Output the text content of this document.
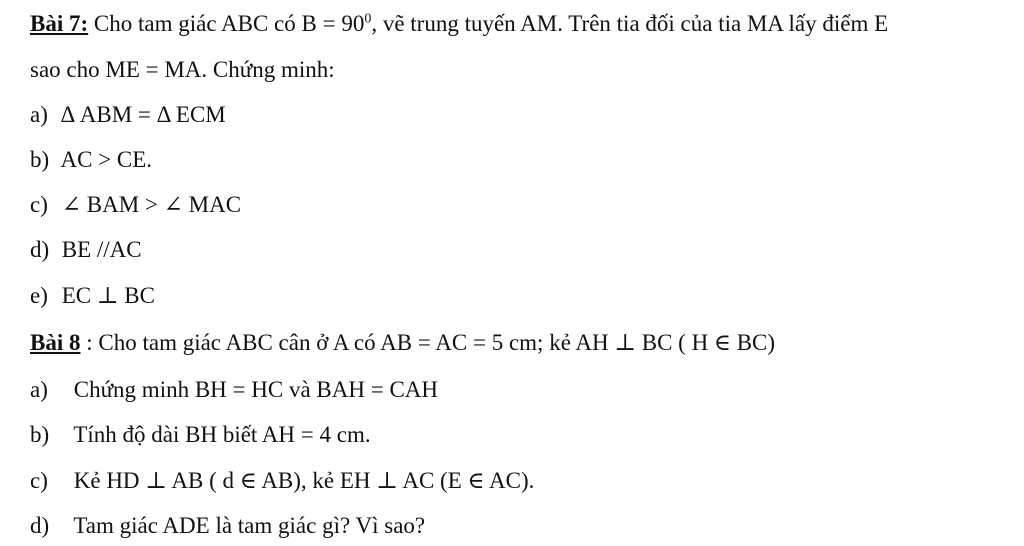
Bài 7: Cho tam giác ABC có $B = 90^0$, vẽ trung tuyến AM. Trên tia đối của tia MA lấy điểm E
sao cho ME = MA. Chứng minh:
a) Δ ABM = Δ ECM
b) AC > CE.
c) ∠ BAM > ∠ MAC
d) BE //AC
e) EC ⊥ BC
Bài 8 : Cho tam giác ABC cân ở A có AB = AC = 5 cm; kẻ AH ⊥ BC ( H ∈ BC)
a) Chứng minh BH = HC và BAH = CAH
b) Tính độ dài BH biết AH = 4 cm.
c) Kẻ HD ⊥ AB ( d ∈ AB), kẻ EH ⊥ AC (E ∈ AC).
d) Tam giác ADE là tam giác gì? Vì sao?
